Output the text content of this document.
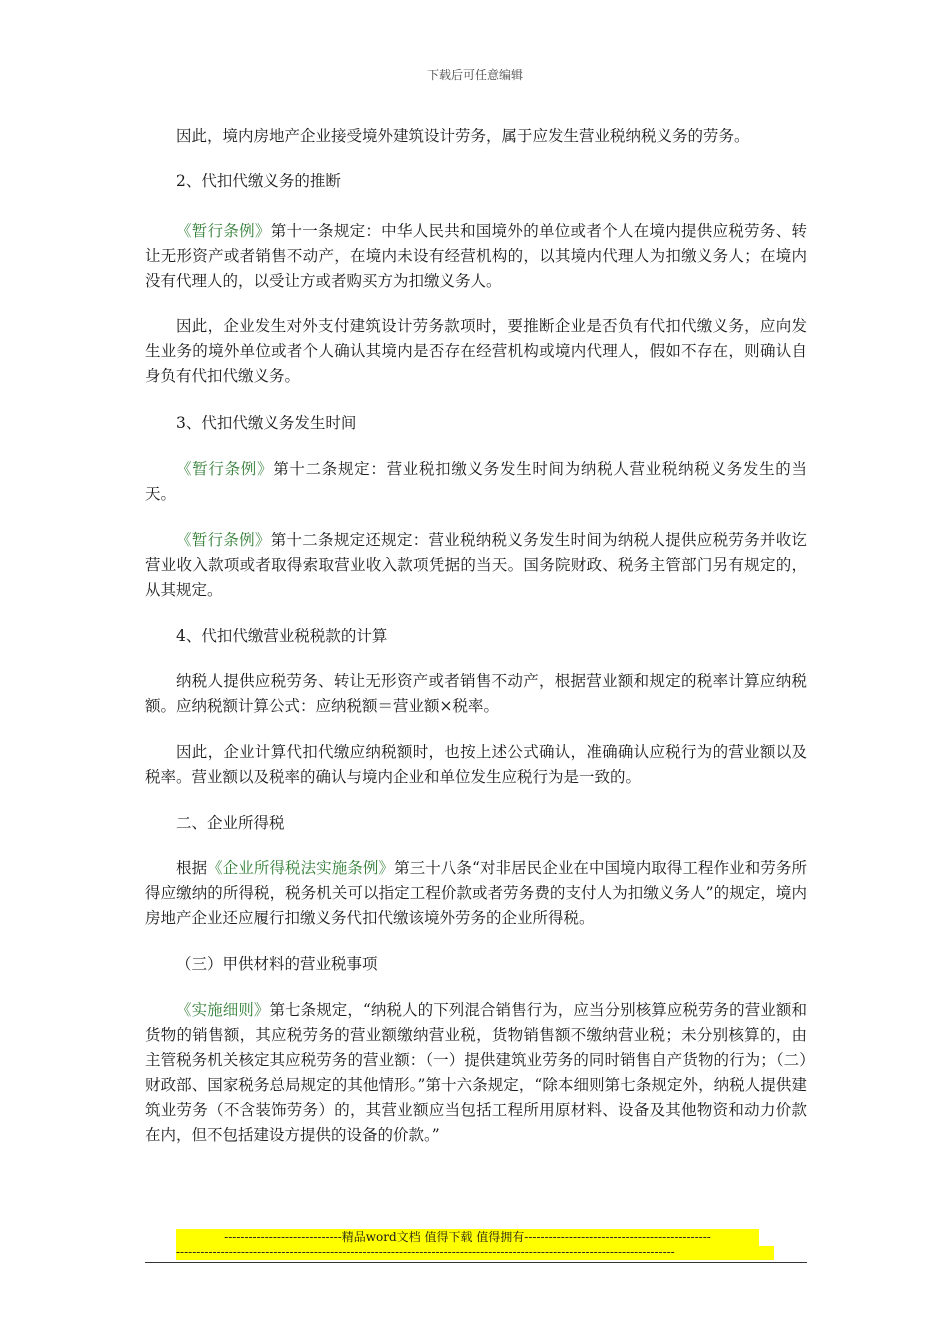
下载后可任意编辑

因此，境内房地产企业接受境外建筑设计劳务，属于应发生营业税纳税义务的劳务。

2、代扣代缴义务的推断

《暂行条例》第十一条规定：中华人民共和国境外的单位或者个人在境内提供应税劳务、转让无形资产或者销售不动产，在境内未设有经营机构的，以其境内代理人为扣缴义务人；在境内没有代理人的，以受让方或者购买方为扣缴义务人。

因此，企业发生对外支付建筑设计劳务款项时，要推断企业是否负有代扣代缴义务，应向发生业务的境外单位或者个人确认其境内是否存在经营机构或境内代理人，假如不存在，则确认自身负有代扣代缴义务。

3、代扣代缴义务发生时间

《暂行条例》第十二条规定：营业税扣缴义务发生时间为纳税人营业税纳税义务发生的当天。

《暂行条例》第十二条规定还规定：营业税纳税义务发生时间为纳税人提供应税劳务并收讫营业收入款项或者取得索取营业收入款项凭据的当天。国务院财政、税务主管部门另有规定的，从其规定。

4、代扣代缴营业税税款的计算

纳税人提供应税劳务、转让无形资产或者销售不动产，根据营业额和规定的税率计算应纳税额。应纳税额计算公式：应纳税额＝营业额×税率。

因此，企业计算代扣代缴应纳税额时，也按上述公式确认，准确确认应税行为的营业额以及税率。营业额以及税率的确认与境内企业和单位发生应税行为是一致的。

二、企业所得税

根据《企业所得税法实施条例》第三十八条“对非居民企业在中国境内取得工程作业和劳务所得应缴纳的所得税，税务机关可以指定工程价款或者劳务费的支付人为扣缴义务人”的规定，境内房地产企业还应履行扣缴义务代扣代缴该境外劳务的企业所得税。

（三）甲供材料的营业税事项

《实施细则》第七条规定，“纳税人的下列混合销售行为，应当分别核算应税劳务的营业额和货物的销售额，其应税劳务的营业额缴纳营业税，货物销售额不缴纳营业税；未分别核算的，由主管税务机关核定其应税劳务的营业额：（一）提供建筑业劳务的同时销售自产货物的行为；（二）财政部、国家税务总局规定的其他情形。”第十六条规定，“除本细则第七条规定外，纳税人提供建筑业劳务（不含装饰劳务）的，其营业额应当包括工程所用原材料、设备及其他物资和动力价款在内，但不包括建设方提供的设备的价款。”

-----------------------------精品word文档 值得下载 值得拥有----------------------------------------------
---------------------------------------------------------------------------------------------------------------------------
